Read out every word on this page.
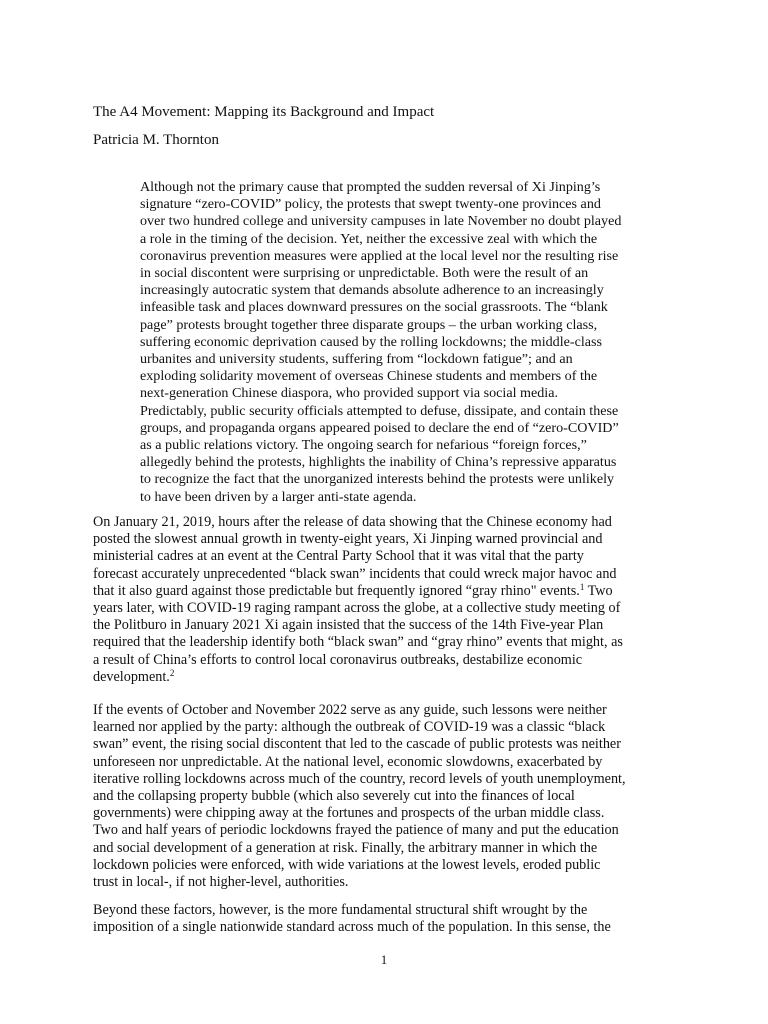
The A4 Movement: Mapping its Background and Impact

Patricia M. Thornton

Although not the primary cause that prompted the sudden reversal of Xi Jinping’s
signature “zero-COVID” policy, the protests that swept twenty-one provinces and
over two hundred college and university campuses in late November no doubt played
a role in the timing of the decision. Yet, neither the excessive zeal with which the
coronavirus prevention measures were applied at the local level nor the resulting rise
in social discontent were surprising or unpredictable. Both were the result of an
increasingly autocratic system that demands absolute adherence to an increasingly
infeasible task and places downward pressures on the social grassroots. The “blank
page” protests brought together three disparate groups – the urban working class,
suffering economic deprivation caused by the rolling lockdowns; the middle-class
urbanites and university students, suffering from “lockdown fatigue”; and an
exploding solidarity movement of overseas Chinese students and members of the
next-generation Chinese diaspora, who provided support via social media.
Predictably, public security officials attempted to defuse, dissipate, and contain these
groups, and propaganda organs appeared poised to declare the end of “zero-COVID”
as a public relations victory. The ongoing search for nefarious “foreign forces,”
allegedly behind the protests, highlights the inability of China’s repressive apparatus
to recognize the fact that the unorganized interests behind the protests were unlikely
to have been driven by a larger anti-state agenda.
On January 21, 2019, hours after the release of data showing that the Chinese economy had
posted the slowest annual growth in twenty-eight years, Xi Jinping warned provincial and
ministerial cadres at an event at the Central Party School that it was vital that the party
forecast accurately unprecedented “black swan” incidents that could wreck major havoc and
that it also guard against those predictable but frequently ignored “gray rhino" events.$^1$ Two
years later, with COVID-19 raging rampant across the globe, at a collective study meeting of
the Politburo in January 2021 Xi again insisted that the success of the 14th Five-year Plan
required that the leadership identify both “black swan” and “gray rhino” events that might, as
a result of China’s efforts to control local coronavirus outbreaks, destabilize economic
development.$^2$
If the events of October and November 2022 serve as any guide, such lessons were neither
learned nor applied by the party: although the outbreak of COVID-19 was a classic “black
swan” event, the rising social discontent that led to the cascade of public protests was neither
unforeseen nor unpredictable. At the national level, economic slowdowns, exacerbated by
iterative rolling lockdowns across much of the country, record levels of youth unemployment,
and the collapsing property bubble (which also severely cut into the finances of local
governments) were chipping away at the fortunes and prospects of the urban middle class.
Two and half years of periodic lockdowns frayed the patience of many and put the education
and social development of a generation at risk. Finally, the arbitrary manner in which the
lockdown policies were enforced, with wide variations at the lowest levels, eroded public
trust in local-, if not higher-level, authorities.
Beyond these factors, however, is the more fundamental structural shift wrought by the
imposition of a single nationwide standard across much of the population. In this sense, the

1
